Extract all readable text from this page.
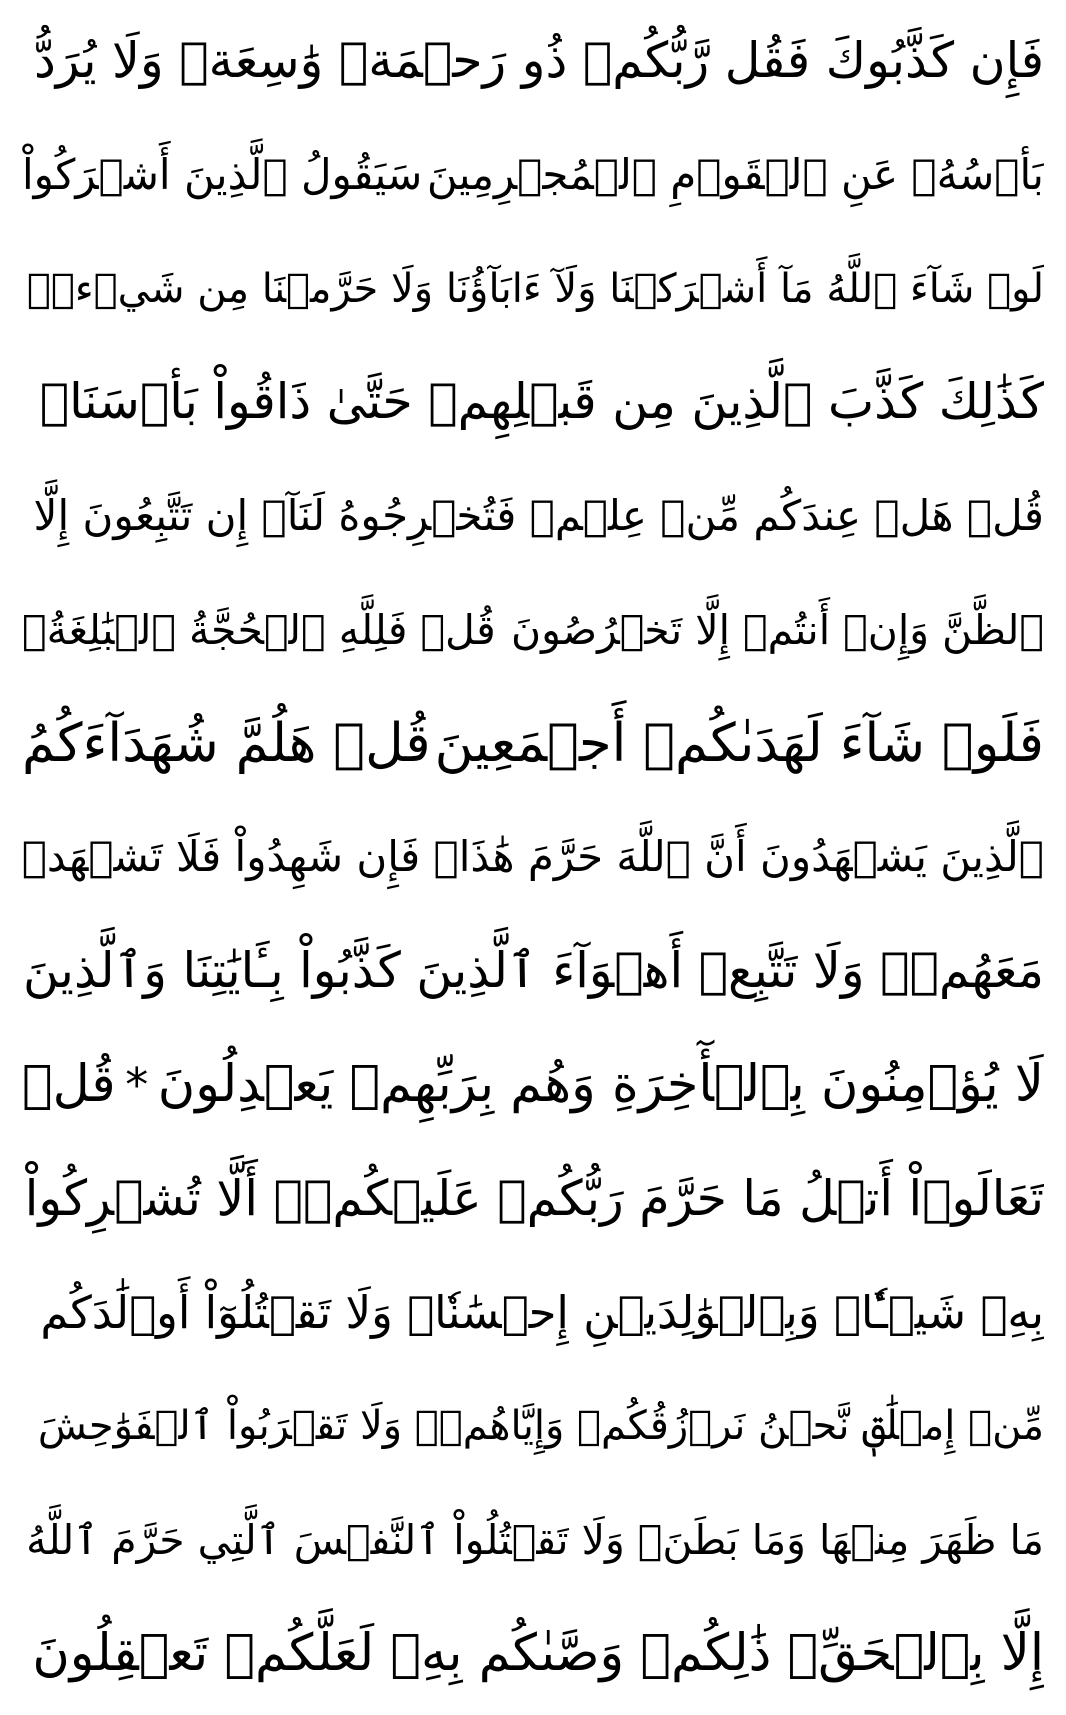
فَإِن كَذَّبُوكَ فَقُل رَّبُّكُمۡ ذُو رَحۡمَةٖ وَٰسِعَةٖ وَلَا يُرَدُّ
بَأۡسُهُۥ عَنِ ٱلۡقَوۡمِ ٱلۡمُجۡرِمِينَ
سَيَقُولُ ٱلَّذِينَ أَشۡرَكُواْ
لَوۡ شَآءَ ٱللَّهُ مَآ أَشۡرَكۡنَا وَلَآ ءَابَآؤُنَا وَلَا حَرَّمۡنَا مِن شَيۡءٖۚ
كَذَٰلِكَ كَذَّبَ ٱلَّذِينَ مِن قَبۡلِهِمۡ حَتَّىٰ ذَاقُواْ بَأۡسَنَاۗ
قُلۡ هَلۡ عِندَكُم مِّنۡ عِلۡمٖ فَتُخۡرِجُوهُ لَنَآۖ إِن تَتَّبِعُونَ إِلَّا
ٱلظَّنَّ وَإِنۡ أَنتُمۡ إِلَّا تَخۡرُصُونَ
قُلۡ فَلِلَّهِ ٱلۡحُجَّةُ ٱلۡبَٰلِغَةُۖ
فَلَوۡ شَآءَ لَهَدَىٰكُمۡ أَجۡمَعِينَ
قُلۡ هَلُمَّ شُهَدَآءَكُمُ
ٱلَّذِينَ يَشۡهَدُونَ أَنَّ ٱللَّهَ حَرَّمَ هَٰذَاۖ فَإِن شَهِدُواْ فَلَا تَشۡهَدۡ
مَعَهُمۡۚ وَلَا تَتَّبِعۡ أَهۡوَآءَ ٱلَّذِينَ كَذَّبُواْ بِـَٔايَٰتِنَا وَٱلَّذِينَ
لَا يُؤۡمِنُونَ بِٱلۡأٓخِرَةِ وَهُم بِرَبِّهِمۡ يَعۡدِلُونَ
*
قُلۡ
تَعَالَوۡاْ أَتۡلُ مَا حَرَّمَ رَبُّكُمۡ عَلَيۡكُمۡۖ أَلَّا تُشۡرِكُواْ
بِهِۦ شَيۡـٔٗاۖ وَبِٱلۡوَٰلِدَيۡنِ إِحۡسَٰنٗاۖ وَلَا تَقۡتُلُوٓاْ أَوۡلَٰدَكُم
مِّنۡ إِمۡلَٰقٖ نَّحۡنُ نَرۡزُقُكُمۡ وَإِيَّاهُمۡۖ وَلَا تَقۡرَبُواْ ٱلۡفَوَٰحِشَ
مَا ظَهَرَ مِنۡهَا وَمَا بَطَنَۖ وَلَا تَقۡتُلُواْ ٱلنَّفۡسَ ٱلَّتِي حَرَّمَ ٱللَّهُ
إِلَّا بِٱلۡحَقِّۚ ذَٰلِكُمۡ وَصَّىٰكُم بِهِۦ لَعَلَّكُمۡ تَعۡقِلُونَ
